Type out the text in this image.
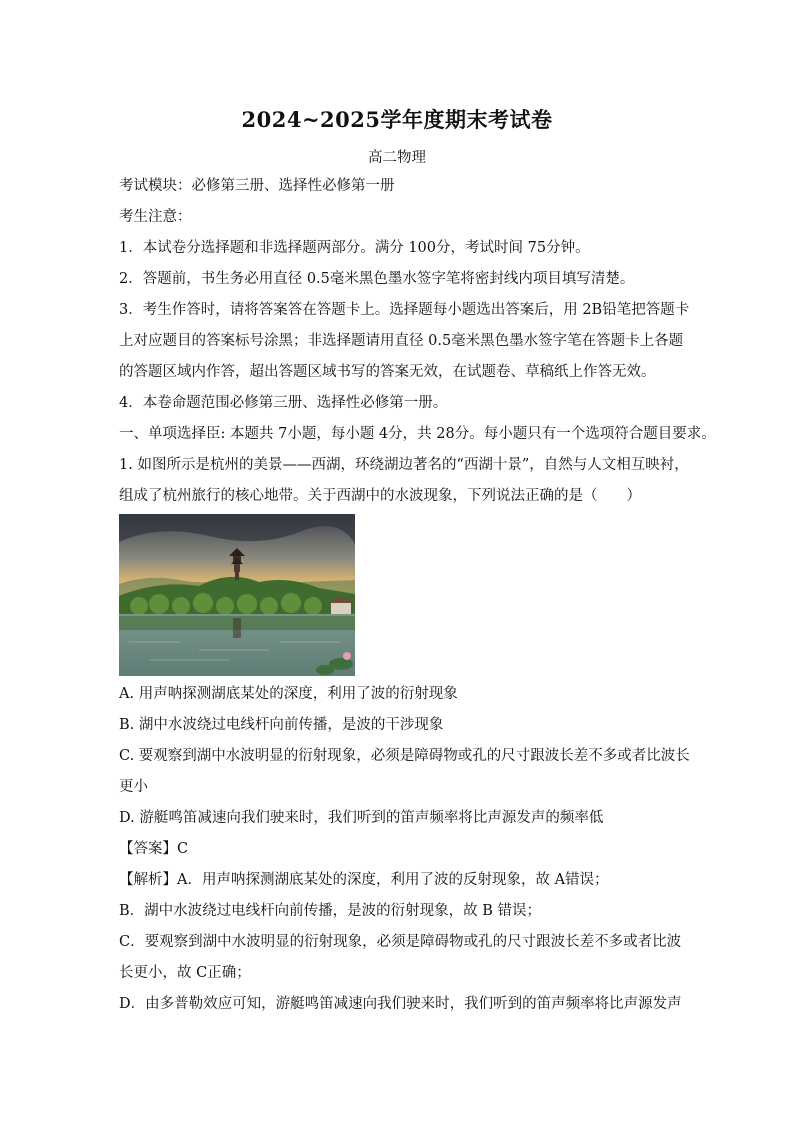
2024~2025学年度期末考试卷
高二物理
考试模块：必修第三册、选择性必修第一册
考生注意：
1．本试卷分选择题和非选择题两部分。满分 100分，考试时间 75分钟。
2．答题前，书生务必用直径 0.5毫米黑色墨水签字笔将密封线内项目填写清楚。
3．考生作答时，请将答案答在答题卡上。选择题每小题选出答案后，用 2B铅笔把答题卡
上对应题目的答案标号涂黑；非选择题请用直径 0.5毫米黑色墨水签字笔在答题卡上各题
的答题区域内作答，超出答题区域书写的答案无效，在试题卷、草稿纸上作答无效。
4．本卷命题范围必修第三册、选择性必修第一册。
一、单项选择臣: 本题共 7小题，每小题 4分，共 28分。每小题只有一个选项符合题目要求。
1. 如图所示是杭州的美景——西湖，环绕湖边著名的“西湖十景”，自然与人文相互映衬，
组成了杭州旅行的核心地带。关于西湖中的水波现象，下列说法正确的是（　　）
A. 用声呐探测湖底某处的深度，利用了波的衍射现象
B. 湖中水波绕过电线杆向前传播，是波的干涉现象
C. 要观察到湖中水波明显的衍射现象，必须是障碍物或孔的尺寸跟波长差不多或者比波长
更小
D. 游艇鸣笛减速向我们驶来时，我们听到的笛声频率将比声源发声的频率低
【答案】C
【解析】A．用声呐探测湖底某处的深度，利用了波的反射现象，故 A错误；
B．湖中水波绕过电线杆向前传播，是波的衍射现象，故 B 错误；
C．要观察到湖中水波明显的衍射现象，必须是障碍物或孔的尺寸跟波长差不多或者比波
长更小，故 C正确；
D．由多普勒效应可知，游艇鸣笛减速向我们驶来时，我们听到的笛声频率将比声源发声
